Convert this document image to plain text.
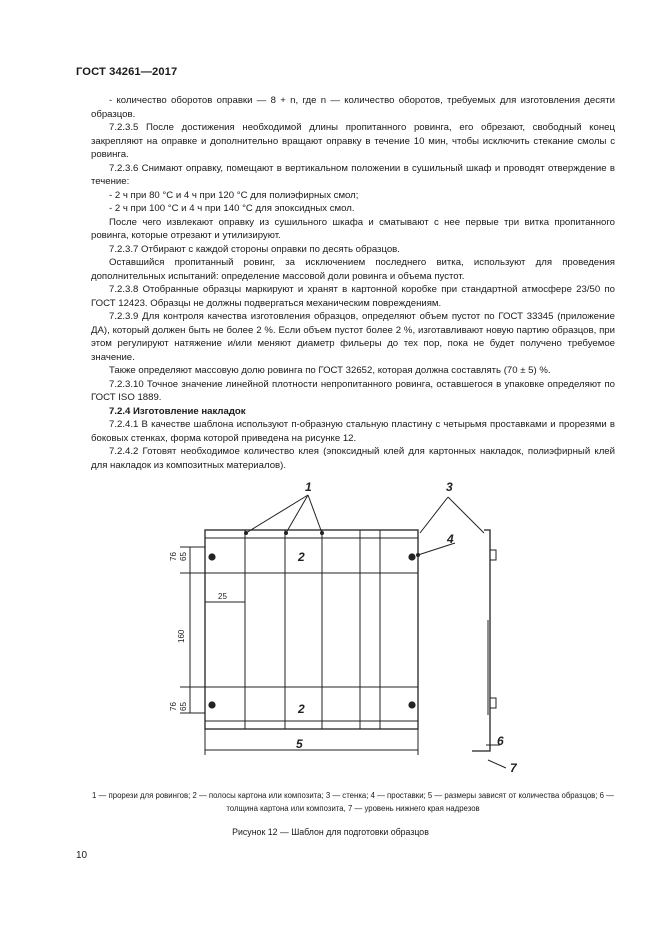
ГОСТ 34261—2017

- количество оборотов оправки — 8 + n, где n — количество оборотов, требуемых для изготовления десяти образцов.

7.2.3.5 После достижения необходимой длины пропитанного ровинга, его обрезают, свободный конец закрепляют на оправке и дополнительно вращают оправку в течение 10 мин, чтобы исключить стекание смолы с ровинга.

7.2.3.6 Снимают оправку, помещают в вертикальном положении в сушильный шкаф и проводят отверждение в течение:

- 2 ч при 80 °С и 4 ч при 120 °С для полиэфирных смол;

- 2 ч при 100 °С и 4 ч при 140 °С для эпоксидных смол.

После чего извлекают оправку из сушильного шкафа и сматывают с нее первые три витка пропитанного ровинга, которые отрезают и утилизируют.

7.2.3.7 Отбирают с каждой стороны оправки по десять образцов.

Оставшийся пропитанный ровинг, за исключением последнего витка, используют для проведения дополнительных испытаний: определение массовой доли ровинга и объема пустот.

7.2.3.8 Отобранные образцы маркируют и хранят в картонной коробке при стандартной атмосфере 23/50 по ГОСТ 12423. Образцы не должны подвергаться механическим повреждениям.

7.2.3.9 Для контроля качества изготовления образцов, определяют объем пустот по ГОСТ 33345 (приложение ДА), который должен быть не более 2 %. Если объем пустот более 2 %, изготавливают новую партию образцов, при этом регулируют натяжение и/или меняют диаметр фильеры до тех пор, пока не будет получено требуемое значение.

Также определяют массовую долю ровинга по ГОСТ 32652, которая должна составлять (70 ± 5) %.

7.2.3.10 Точное значение линейной плотности непропитанного ровинга, оставшегося в упаковке определяют по ГОСТ ISO 1889.

7.2.4 Изготовление накладок

7.2.4.1 В качестве шаблона используют п-образную стальную пластину с четырьмя проставками и прорезями в боковых стенках, форма которой приведена на рисунке 12.

7.2.4.2 Готовят необходимое количество клея (эпоксидный клей для картонных накладок, полиэфирный клей для накладок из композитных материалов).

1
2
2
3
4
5	6
7
76 65
25
160
76 65
1 — прорези для ровингов; 2 — полосы картона или композита; 3 — стенка; 4 — проставки; 5 — размеры зависят от количества образцов; 6 — толщина картона или композита, 7 — уровень нижнего края надрезов
Рисунок 12 — Шаблон для подготовки образцов
10
